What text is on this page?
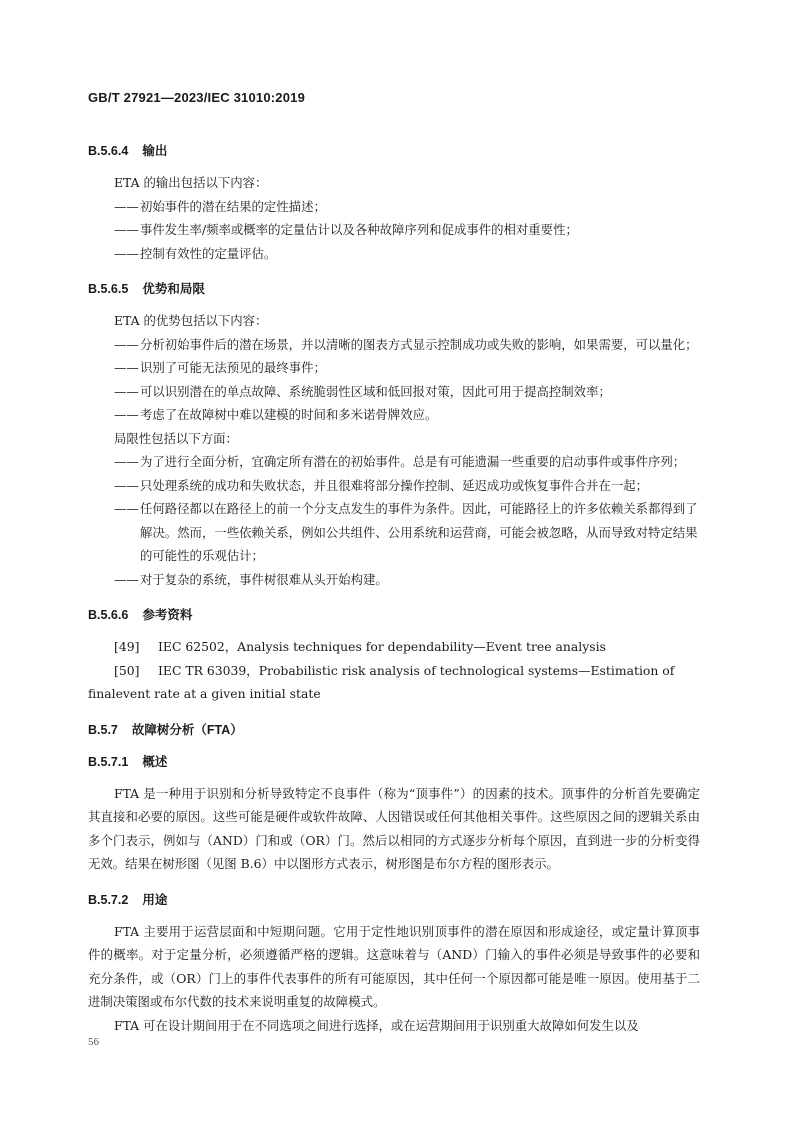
GB/T 27921—2023/IEC 31010:2019
B.5.6.4 输出

ETA 的输出包括以下内容：

——初始事件的潜在结果的定性描述；
——事件发生率/频率或概率的定量估计以及各种故障序列和促成事件的相对重要性；
——控制有效性的定量评估。
B.5.6.5 优势和局限

ETA 的优势包括以下内容：

——分析初始事件后的潜在场景，并以清晰的图表方式显示控制成功或失败的影响，如果需要，可以量化；
——识别了可能无法预见的最终事件；
——可以识别潜在的单点故障、系统脆弱性区域和低回报对策，因此可用于提高控制效率；
——考虑了在故障树中难以建模的时间和多米诺骨牌效应。

局限性包括以下方面：

——为了进行全面分析，宜确定所有潜在的初始事件。总是有可能遗漏一些重要的启动事件或事件序列；
——只处理系统的成功和失败状态，并且很难将部分操作控制、延迟成功或恢复事件合并在一起；
——任何路径都以在路径上的前一个分支点发生的事件为条件。因此，可能路径上的许多依赖关系都得到了解决。然而，一些依赖关系，例如公共组件、公用系统和运营商，可能会被忽略，从而导致对特定结果的可能性的乐观估计；
——对于复杂的系统，事件树很难从头开始构建。
B.5.6.6 参考资料
[49] IEC 62502，Analysis techniques for dependability—Event tree analysis
[50] IEC TR 63039，Probabilistic risk analysis of technological systems—Estimation of finalevent rate at a given initial state
B.5.7 故障树分析（FTA）
B.5.7.1 概述

FTA 是一种用于识别和分析导致特定不良事件（称为“顶事件”）的因素的技术。顶事件的分析首先要确定其直接和必要的原因。这些可能是硬件或软件故障、人因错误或任何其他相关事件。这些原因之间的逻辑关系由多个门表示，例如与（AND）门和或（OR）门。然后以相同的方式逐步分析每个原因，直到进一步的分析变得无效。结果在树形图（见图 B.6）中以图形方式表示，树形图是布尔方程的图形表示。

B.5.7.2 用途

FTA 主要用于运营层面和中短期问题。它用于定性地识别顶事件的潜在原因和形成途径，或定量计算顶事件的概率。对于定量分析，必须遵循严格的逻辑。这意味着与（AND）门输入的事件必须是导致事件的必要和充分条件，或（OR）门上的事件代表事件的所有可能原因，其中任何一个原因都可能是唯一原因。使用基于二进制决策图或布尔代数的技术来说明重复的故障模式。

FTA 可在设计期间用于在不同选项之间进行选择，或在运营期间用于识别重大故障如何发生以及

56
